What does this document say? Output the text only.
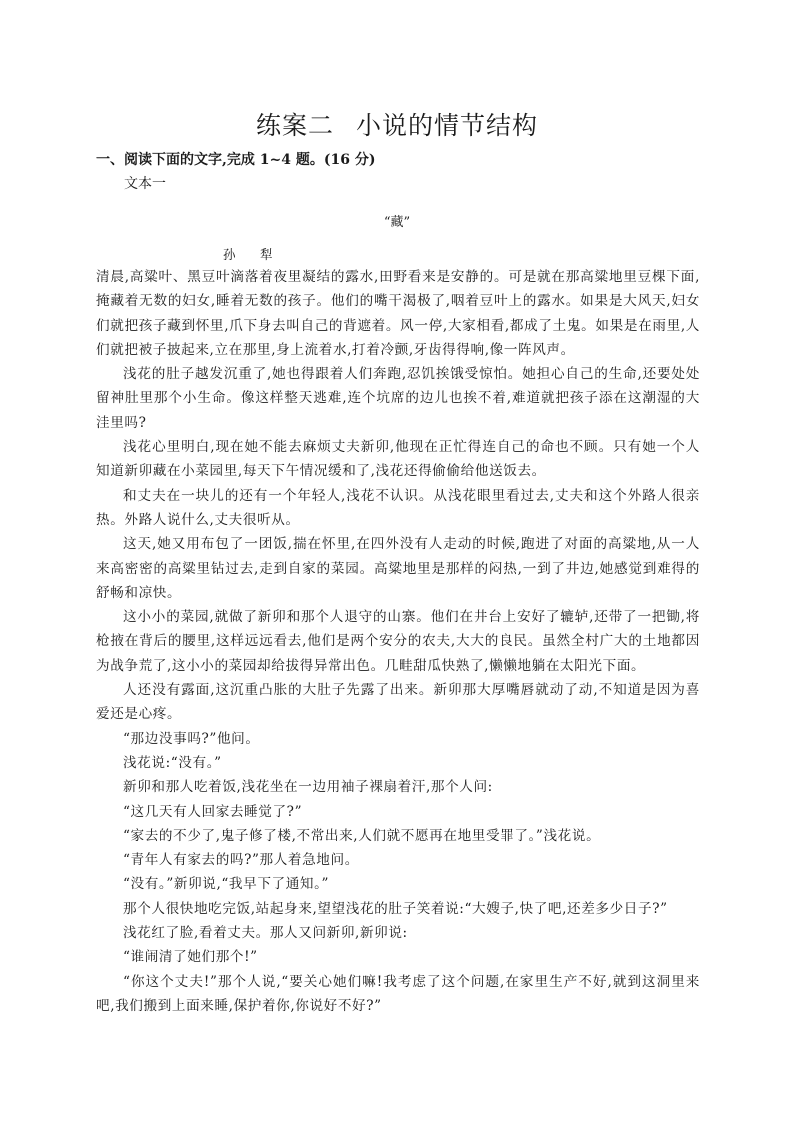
练案二 小说的情节结构
一、阅读下面的文字,完成 1~4 题。(16 分)
文本一
“藏”
孙　犁

清晨,高粱叶、黑豆叶滴落着夜里凝结的露水,田野看来是安静的。可是就在那高粱地里豆棵下面,掩藏着无数的妇女,睡着无数的孩子。他们的嘴干渴极了,咽着豆叶上的露水。如果是大风天,妇女们就把孩子藏到怀里,爪下身去叫自己的背遮着。风一停,大家相看,都成了土鬼。如果是在雨里,人们就把被子披起来,立在那里,身上流着水,打着冷颤,牙齿得得响,像一阵风声。

浅花的肚子越发沉重了,她也得跟着人们奔跑,忍饥挨饿受惊怕。她担心自己的生命,还要处处留神肚里那个小生命。像这样整天逃难,连个坑席的边儿也挨不着,难道就把孩子添在这潮湿的大洼里吗?

浅花心里明白,现在她不能去麻烦丈夫新卯,他现在正忙得连自己的命也不顾。只有她一个人知道新卯藏在小菜园里,每天下午情况缓和了,浅花还得偷偷给他送饭去。

和丈夫在一块儿的还有一个年轻人,浅花不认识。从浅花眼里看过去,丈夫和这个外路人很亲热。外路人说什么,丈夫很听从。

这天,她又用布包了一团饭,揣在怀里,在四外没有人走动的时候,跑进了对面的高粱地,从一人来高密密的高粱里钻过去,走到自家的菜园。高粱地里是那样的闷热,一到了井边,她感觉到难得的舒畅和凉快。

这小小的菜园,就做了新卯和那个人退守的山寨。他们在井台上安好了辘轳,还带了一把锄,将枪掖在背后的腰里,这样远远看去,他们是两个安分的农夫,大大的良民。虽然全村广大的土地都因为战争荒了,这小小的菜园却给拔得异常出色。几畦甜瓜快熟了,懒懒地躺在太阳光下面。

人还没有露面,这沉重凸胀的大肚子先露了出来。新卯那大厚嘴唇就动了动,不知道是因为喜爱还是心疼。

“那边没事吗?”他问。

浅花说:“没有。”

新卯和那人吃着饭,浅花坐在一边用袖子裸扇着汗,那个人问:

“这几天有人回家去睡觉了?”

“家去的不少了,鬼子修了楼,不常出来,人们就不愿再在地里受罪了。”浅花说。

“青年人有家去的吗?”那人着急地问。

“没有。”新卯说,“我早下了通知。”

那个人很快地吃完饭,站起身来,望望浅花的肚子笑着说:“大嫂子,快了吧,还差多少日子?”

浅花红了脸,看着丈夫。那人又问新卯,新卯说:

“谁闹清了她们那个!”

“你这个丈夫!”那个人说,“要关心她们嘛!我考虑了这个问题,在家里生产不好,就到这洞里来吧,我们搬到上面来睡,保护着你,你说好不好?”
